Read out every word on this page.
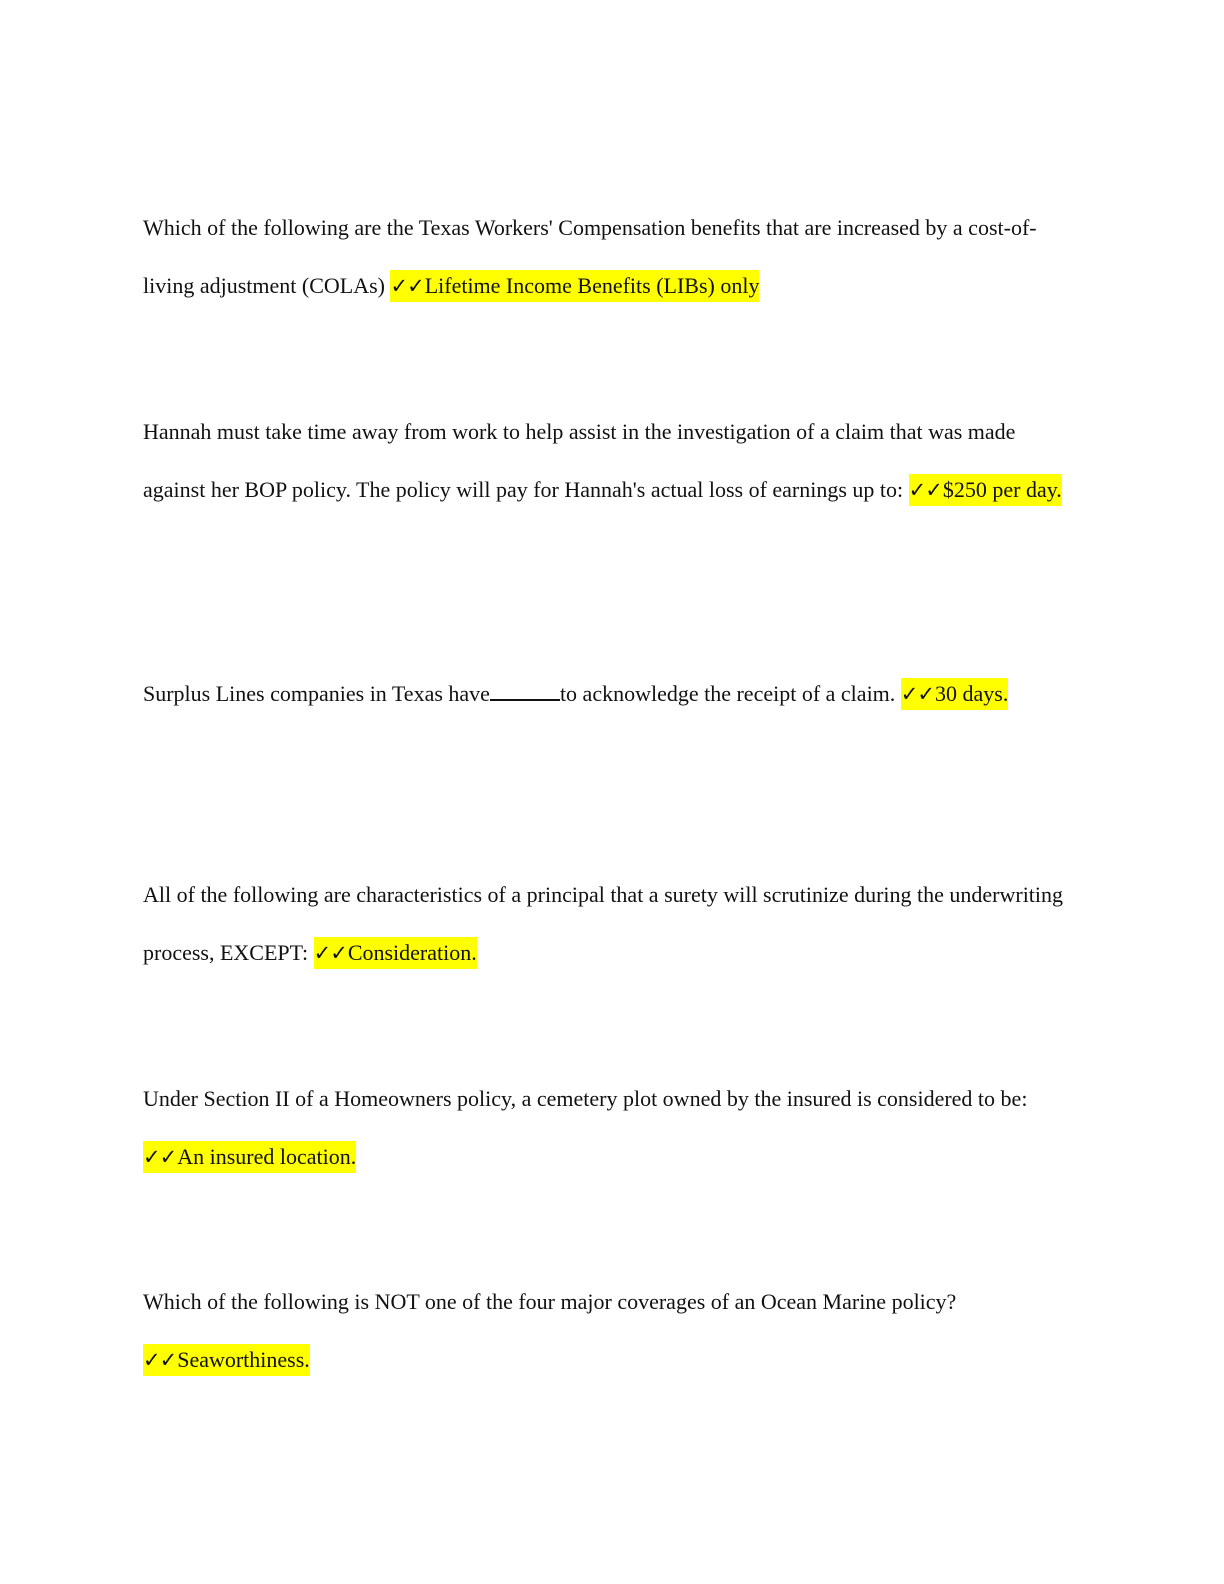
Which of the following are the Texas Workers' Compensation benefits that are increased by a cost-of-living adjustment (COLAs) ✓✓Lifetime Income Benefits (LIBs) only

Hannah must take time away from work to help assist in the investigation of a claim that was made against her BOP policy. The policy will pay for Hannah's actual loss of earnings up to: ✓✓$250 per day.

Surplus Lines companies in Texas have	to acknowledge the receipt of a claim. ✓✓30 days.

All of the following are characteristics of a principal that a surety will scrutinize during the underwriting process, EXCEPT: ✓✓Consideration.

Under Section II of a Homeowners policy, a cemetery plot owned by the insured is considered to be: ✓✓An insured location.

Which of the following is NOT one of the four major coverages of an Ocean Marine policy?
✓✓Seaworthiness.
